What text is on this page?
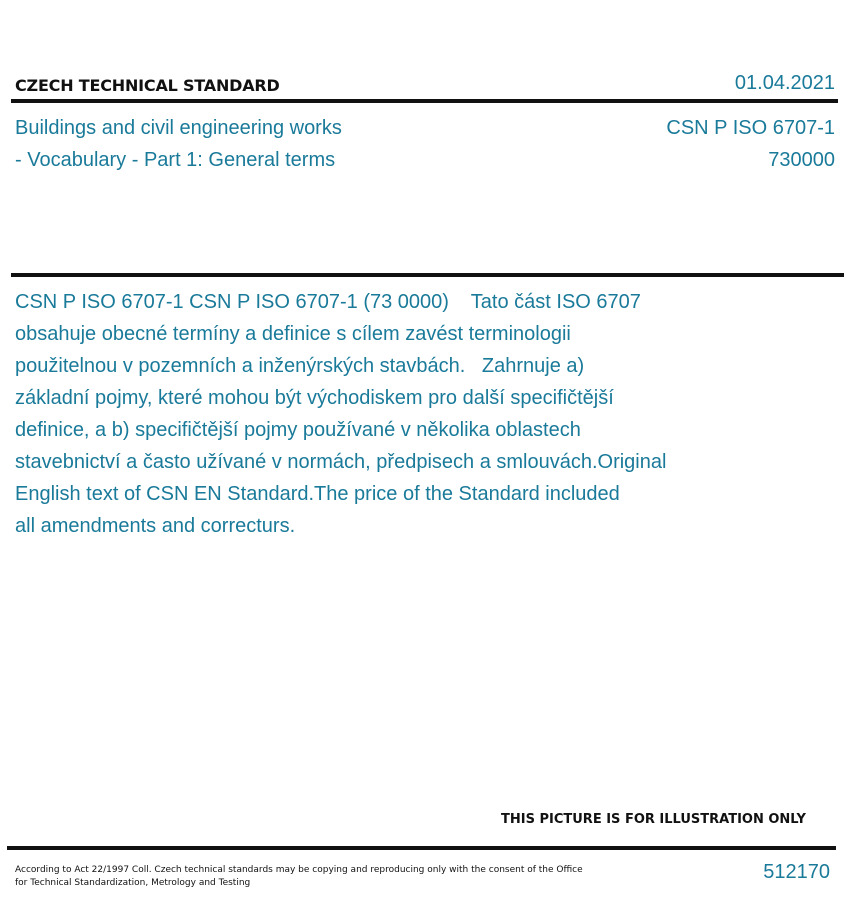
CZECH TECHNICAL STANDARD	01.04.2021
Buildings and civil engineering works
- Vocabulary - Part 1: General terms
CSN P ISO 6707-1
730000
CSN P ISO 6707-1 CSN P ISO 6707-1 (73 0000)    Tato část ISO 6707
obsahuje obecné termíny a definice s cílem zavést terminologii
použitelnou v pozemních a inženýrských stavbách.   Zahrnuje a)
základní pojmy, které mohou být východiskem pro další specifičtější
definice, a b) specifičtější pojmy používané v několika oblastech
stavebnictví a často užívané v normách, předpisech a smlouvách.Original
English text of CSN EN Standard.The price of the Standard included
all amendments and correcturs.
THIS PICTURE IS FOR ILLUSTRATION ONLY
According to Act 22/1997 Coll. Czech technical standards may be copying and reproducing only with the consent of the Office
for Technical Standardization, Metrology and Testing	512170
